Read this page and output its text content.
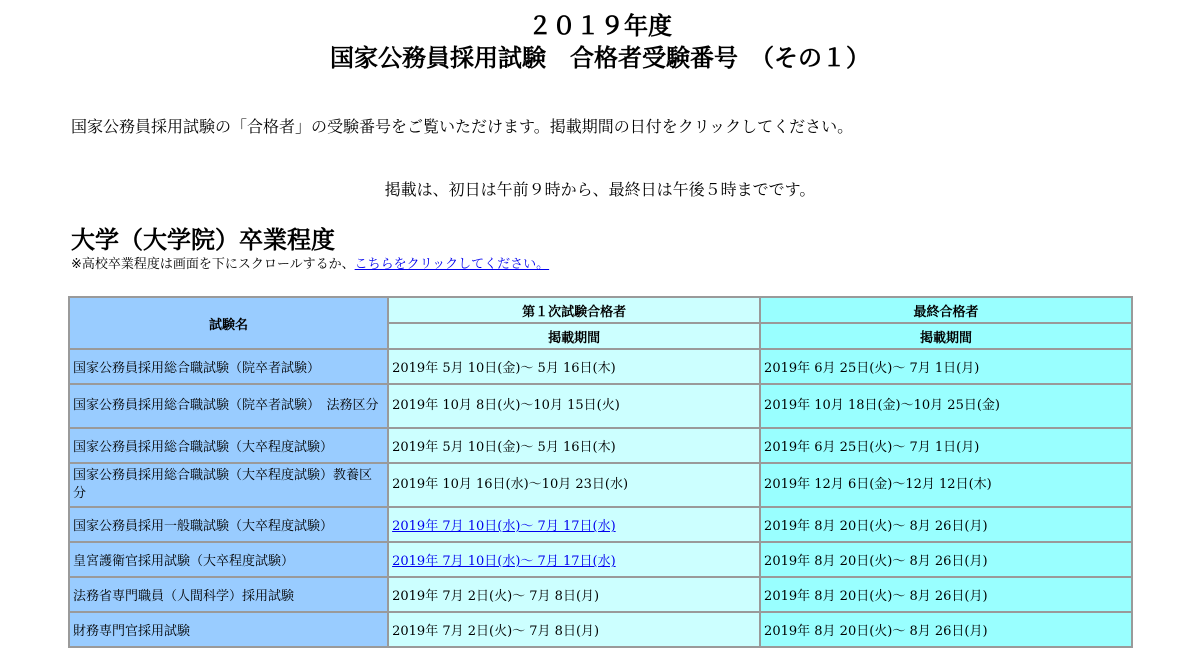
２０１９年度
国家公務員採用試験　合格者受験番号　（その１）
国家公務員採用試験の「合格者」の受験番号をご覧いただけます。掲載期間の日付をクリックしてください。
掲載は、初日は午前９時から、最終日は午後５時までです。
大学（大学院）卒業程度
※高校卒業程度は画面を下にスクロールするか、こちらをクリックしてください。
試験名	第１次試験合格者	最終合格者
	掲載期間	掲載期間
国家公務員採用総合職試験（院卒者試験）	2019年 5月 10日(金)～ 5月 16日(木)	2019年 6月 25日(火)～ 7月 1日(月)
国家公務員採用総合職試験（院卒者試験）　法務区分	2019年 10月 8日(火)～10月 15日(火)	2019年 10月 18日(金)～10月 25日(金)
国家公務員採用総合職試験（大卒程度試験）	2019年 5月 10日(金)～ 5月 16日(木)	2019年 6月 25日(火)～ 7月 1日(月)
国家公務員採用総合職試験（大卒程度試験）教養区分	2019年 10月 16日(水)～10月 23日(水)	2019年 12月 6日(金)～12月 12日(木)
国家公務員採用一般職試験（大卒程度試験）	2019年 7月 10日(水)～ 7月 17日(水)	2019年 8月 20日(火)～ 8月 26日(月)
皇宮護衛官採用試験（大卒程度試験）	2019年 7月 10日(水)～ 7月 17日(水)	2019年 8月 20日(火)～ 8月 26日(月)
法務省専門職員（人間科学）採用試験	2019年 7月 2日(火)～ 7月 8日(月)	2019年 8月 20日(火)～ 8月 26日(月)
財務専門官採用試験	2019年 7月 2日(火)～ 7月 8日(月)	2019年 8月 20日(火)～ 8月 26日(月)
